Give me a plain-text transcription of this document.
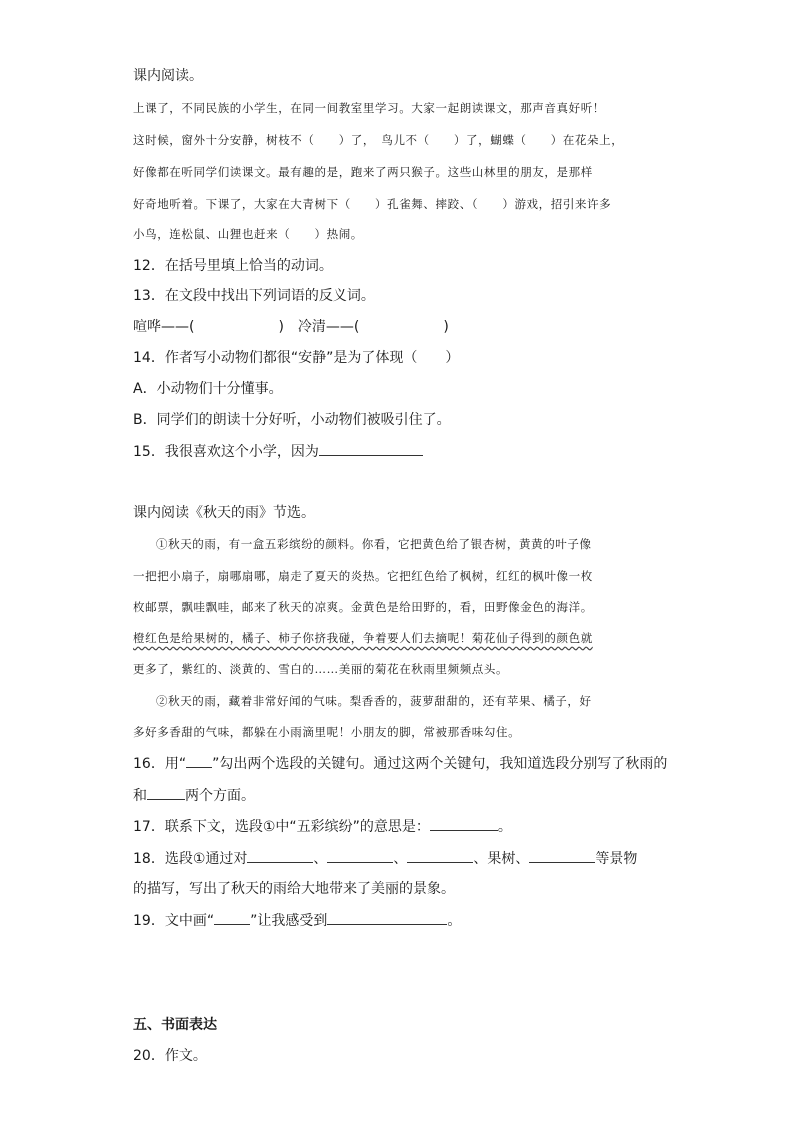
课内阅读。
上课了，不同民族的小学生，在同一间教室里学习。大家一起朗读课文，那声音真好听！
这时候，窗外十分安静，树枝不（　　）了，　鸟儿不（　　）了，蝴蝶（　　）在花朵上，
好像都在听同学们读课文。最有趣的是，跑来了两只猴子。这些山林里的朋友，是那样
好奇地听着。下课了，大家在大青树下（　　）孔雀舞、摔跤、（　　）游戏，招引来许多
小鸟，连松鼠、山狸也赶来（　　）热闹。
12．在括号里填上恰当的动词。
13．在文段中找出下列词语的反义词。
喧哗——(　　　　　　)　冷清——(　　　　　　)
14．作者写小动物们都很“安静”是为了体现（　　）
A．小动物们十分懂事。
B．同学们的朗读十分好听，小动物们被吸引住了。
15．我很喜欢这个小学，因为
课内阅读《秋天的雨》节选。
①秋天的雨，有一盒五彩缤纷的颜料。你看，它把黄色给了银杏树，黄黄的叶子像
一把把小扇子，扇哪扇哪，扇走了夏天的炎热。它把红色给了枫树，红红的枫叶像一枚
枚邮票，飘哇飘哇，邮来了秋天的凉爽。金黄色是给田野的，看，田野像金色的海洋。
橙红色是给果树的，橘子、柿子你挤我碰，争着要人们去摘呢！菊花仙子得到的颜色就
更多了，紫红的、淡黄的、雪白的……美丽的菊花在秋雨里频频点头。
②秋天的雨，藏着非常好闻的气味。梨香香的，菠萝甜甜的，还有苹果、橘子，好
多好多香甜的气味，都躲在小雨滴里呢！小朋友的脚，常被那香味勾住。
16．用“ ”勾出两个选段的关键句。通过这两个关键句，我知道选段分别写了秋雨的
和	两个方面。
17．联系下文，选段①中“五彩缤纷”的意思是：	。
18．选段①通过对	、	、	、果树、	等景物
的描写，写出了秋天的雨给大地带来了美丽的景象。
19．文中画“	”让我感受到	。
五、书面表达
20．作文。
